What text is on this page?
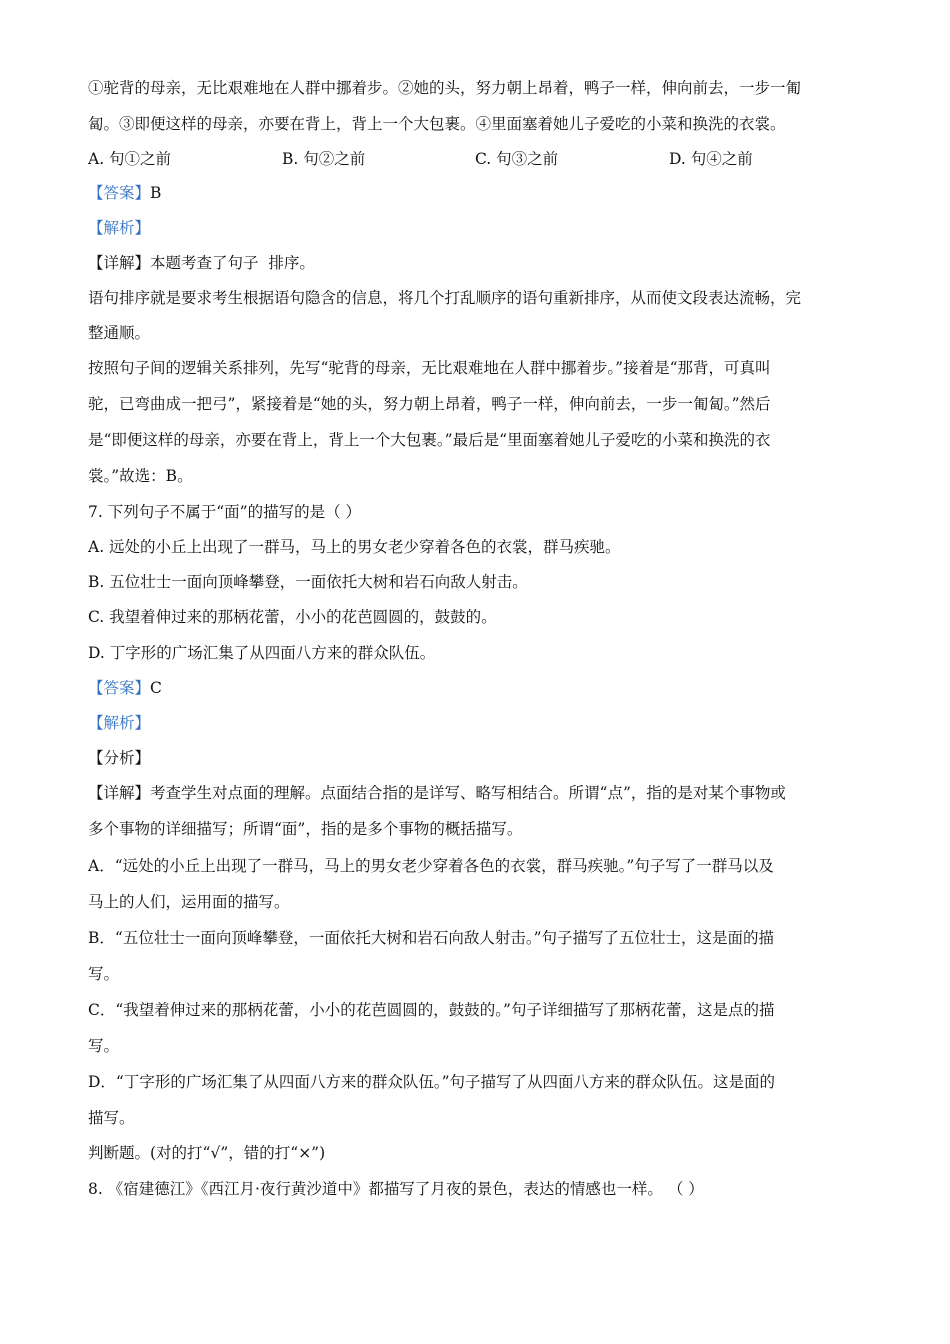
①驼背的母亲，无比艰难地在人群中挪着步。②她的头，努力朝上昂着，鸭子一样，伸向前去，一步一匍
匐。③即便这样的母亲，亦要在背上，背上一个大包裹。④里面塞着她儿子爱吃的小菜和换洗的衣裳。
A. 句①之前	B. 句②之前	C. 句③之前	D. 句④之前
【答案】B
【解析】
【详解】本题考查了句子  排序。
语句排序就是要求考生根据语句隐含的信息，将几个打乱顺序的语句重新排序，从而使文段表达流畅，完
整通顺。
按照句子间的逻辑关系排列，先写“驼背的母亲，无比艰难地在人群中挪着步。”接着是“那背，可真叫
驼，已弯曲成一把弓”，紧接着是“她的头，努力朝上昂着，鸭子一样，伸向前去，一步一匍匐。”然后
是“即便这样的母亲，亦要在背上，背上一个大包裹。”最后是“里面塞着她儿子爱吃的小菜和换洗的衣
裳。”故选：B。
7. 下列句子不属于“面”的描写的是（ ）
A. 远处的小丘上出现了一群马，马上的男女老少穿着各色的衣裳，群马疾驰。
B. 五位壮士一面向顶峰攀登，一面依托大树和岩石向敌人射击。
C. 我望着伸过来的那柄花蕾，小小的花芭圆圆的，鼓鼓的。
D. 丁字形的广场汇集了从四面八方来的群众队伍。
【答案】C
【解析】
【分析】
【详解】考查学生对点面的理解。点面结合指的是详写、略写相结合。所谓“点”，指的是对某个事物或
多个事物的详细描写；所谓“面”，指的是多个事物的概括描写。
A．“远处的小丘上出现了一群马，马上的男女老少穿着各色的衣裳，群马疾驰。”句子写了一群马以及
马上的人们，运用面的描写。
B．“五位壮士一面向顶峰攀登，一面依托大树和岩石向敌人射击。”句子描写了五位壮士，这是面的描
写。
C．“我望着伸过来的那柄花蕾，小小的花芭圆圆的，鼓鼓的。”句子详细描写了那柄花蕾，这是点的描
写。
D．“丁字形的广场汇集了从四面八方来的群众队伍。”句子描写了从四面八方来的群众队伍。这是面的
描写。
判断题。(对的打“√”，错的打“×”)
8. 《宿建德江》《西江月·夜行黄沙道中》都描写了月夜的景色，表达的情感也一样。 （ ）
